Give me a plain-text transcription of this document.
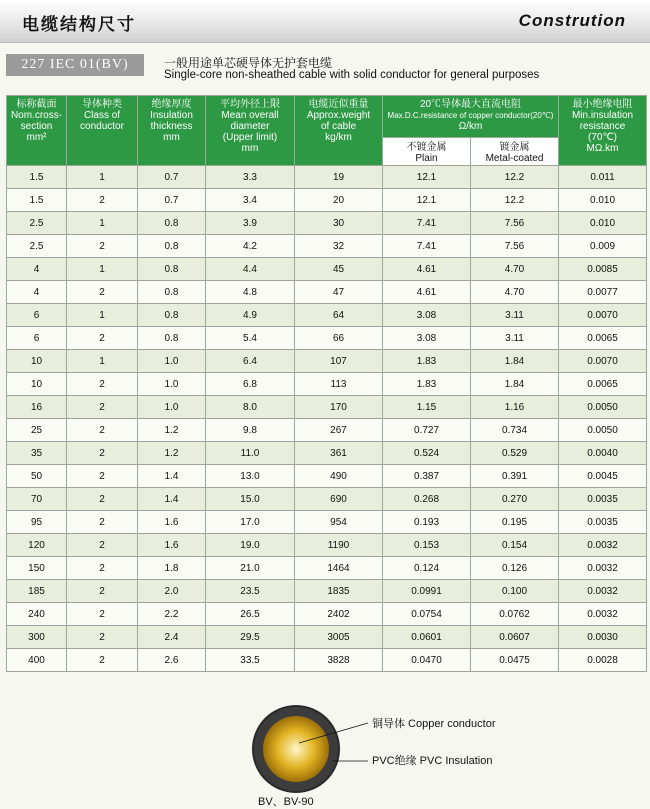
电缆结构尺寸	Constrution
227 IEC 01(BV)	一般用途单芯硬导体无护套电缆
Single-core non-sheathed cable with solid conductor for general purposes
标称截面
Nom.cross-
section
mm²	导体种类
Class of
conductor	绝缘厚度
Insulation
thickness
mm	平均外径上限
Mean overall
diameter
(Upper limit)
mm	电缆近似重量
Approx.weight
of cable
kg/km	20℃导体最大直流电阻
Max.D.C.resistance of copper conductor(20℃)
Ω/km		最小绝缘电阻
Min.insulation
resistance
(70℃)
MΩ.km

					不镀金属
Plain	镀金属
Metal-coated	

1.5	1	0.7	3.3	19	12.1	12.2	0.011
1.5	2	0.7	3.4	20	12.1	12.2	0.010
2.5	1	0.8	3.9	30	7.41	7.56	0.010
2.5	2	0.8	4.2	32	7.41	7.56	0.009
4	1	0.8	4.4	45	4.61	4.70	0.0085
4	2	0.8	4.8	47	4.61	4.70	0.0077
6	1	0.8	4.9	64	3.08	3.11	0.0070
6	2	0.8	5.4	66	3.08	3.11	0.0065
10	1	1.0	6.4	107	1.83	1.84	0.0070
10	2	1.0	6.8	113	1.83	1.84	0.0065
16	2	1.0	8.0	170	1.15	1.16	0.0050
25	2	1.2	9.8	267	0.727	0.734	0.0050
35	2	1.2	11.0	361	0.524	0.529	0.0040
50	2	1.4	13.0	490	0.387	0.391	0.0045
70	2	1.4	15.0	690	0.268	0.270	0.0035
95	2	1.6	17.0	954	0.193	0.195	0.0035
120	2	1.6	19.0	1190	0.153	0.154	0.0032
150	2	1.8	21.0	1464	0.124	0.126	0.0032
185	2	2.0	23.5	1835	0.0991	0.100	0.0032
240	2	2.2	26.5	2402	0.0754	0.0762	0.0032
300	2	2.4	29.5	3005	0.0601	0.0607	0.0030
400	2	2.6	33.5	3828	0.0470	0.0475	0.0028
铜导体 Copper conductor
PVC绝缘 PVC Insulation
BV、BV-90
